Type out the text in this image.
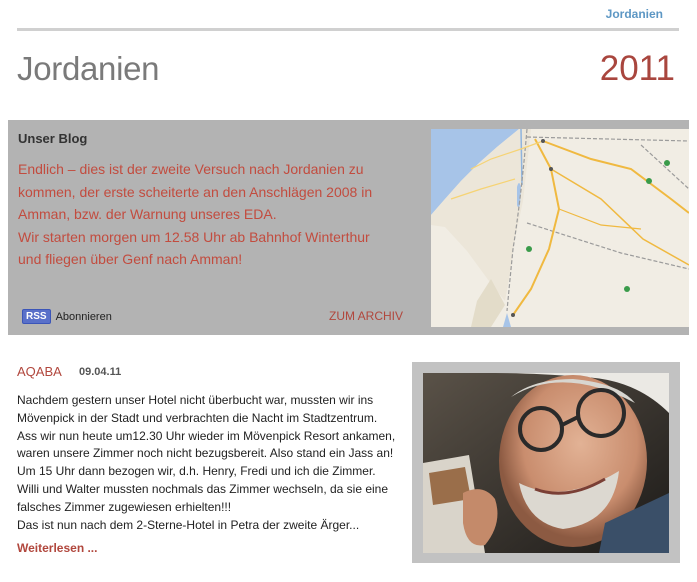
Jordanien
Jordanien	2011
Unser Blog
Endlich – dies ist der zweite Versuch nach Jordanien zu
kommen, der erste scheiterte an den Anschlägen 2008 in
Amman, bzw. der Warnung unseres EDA.
Wir starten morgen um 12.58 Uhr ab Bahnhof Winterthur
und fliegen über Genf nach Amman!
RSS Abonnieren	ZUM ARCHIV
AQABA 09.04.11

Nachdem gestern unser Hotel nicht überbucht war, mussten wir ins

Mövenpick in der Stadt und verbrachten die Nacht im Stadtzentrum.

Ass wir nun heute um12.30 Uhr wieder im Mövenpick Resort ankamen,

waren unsere Zimmer noch nicht bezugsbereit. Also stand ein Jass an!

Um 15 Uhr dann bezogen wir, d.h. Henry, Fredi und ich die Zimmer.

Willi und Walter mussten nochmals das Zimmer wechseln, da sie eine

falsches Zimmer zugewiesen erhielten!!!

Das ist nun nach dem 2-Sterne-Hotel in Petra der zweite Ärger...

Weiterlesen ...
